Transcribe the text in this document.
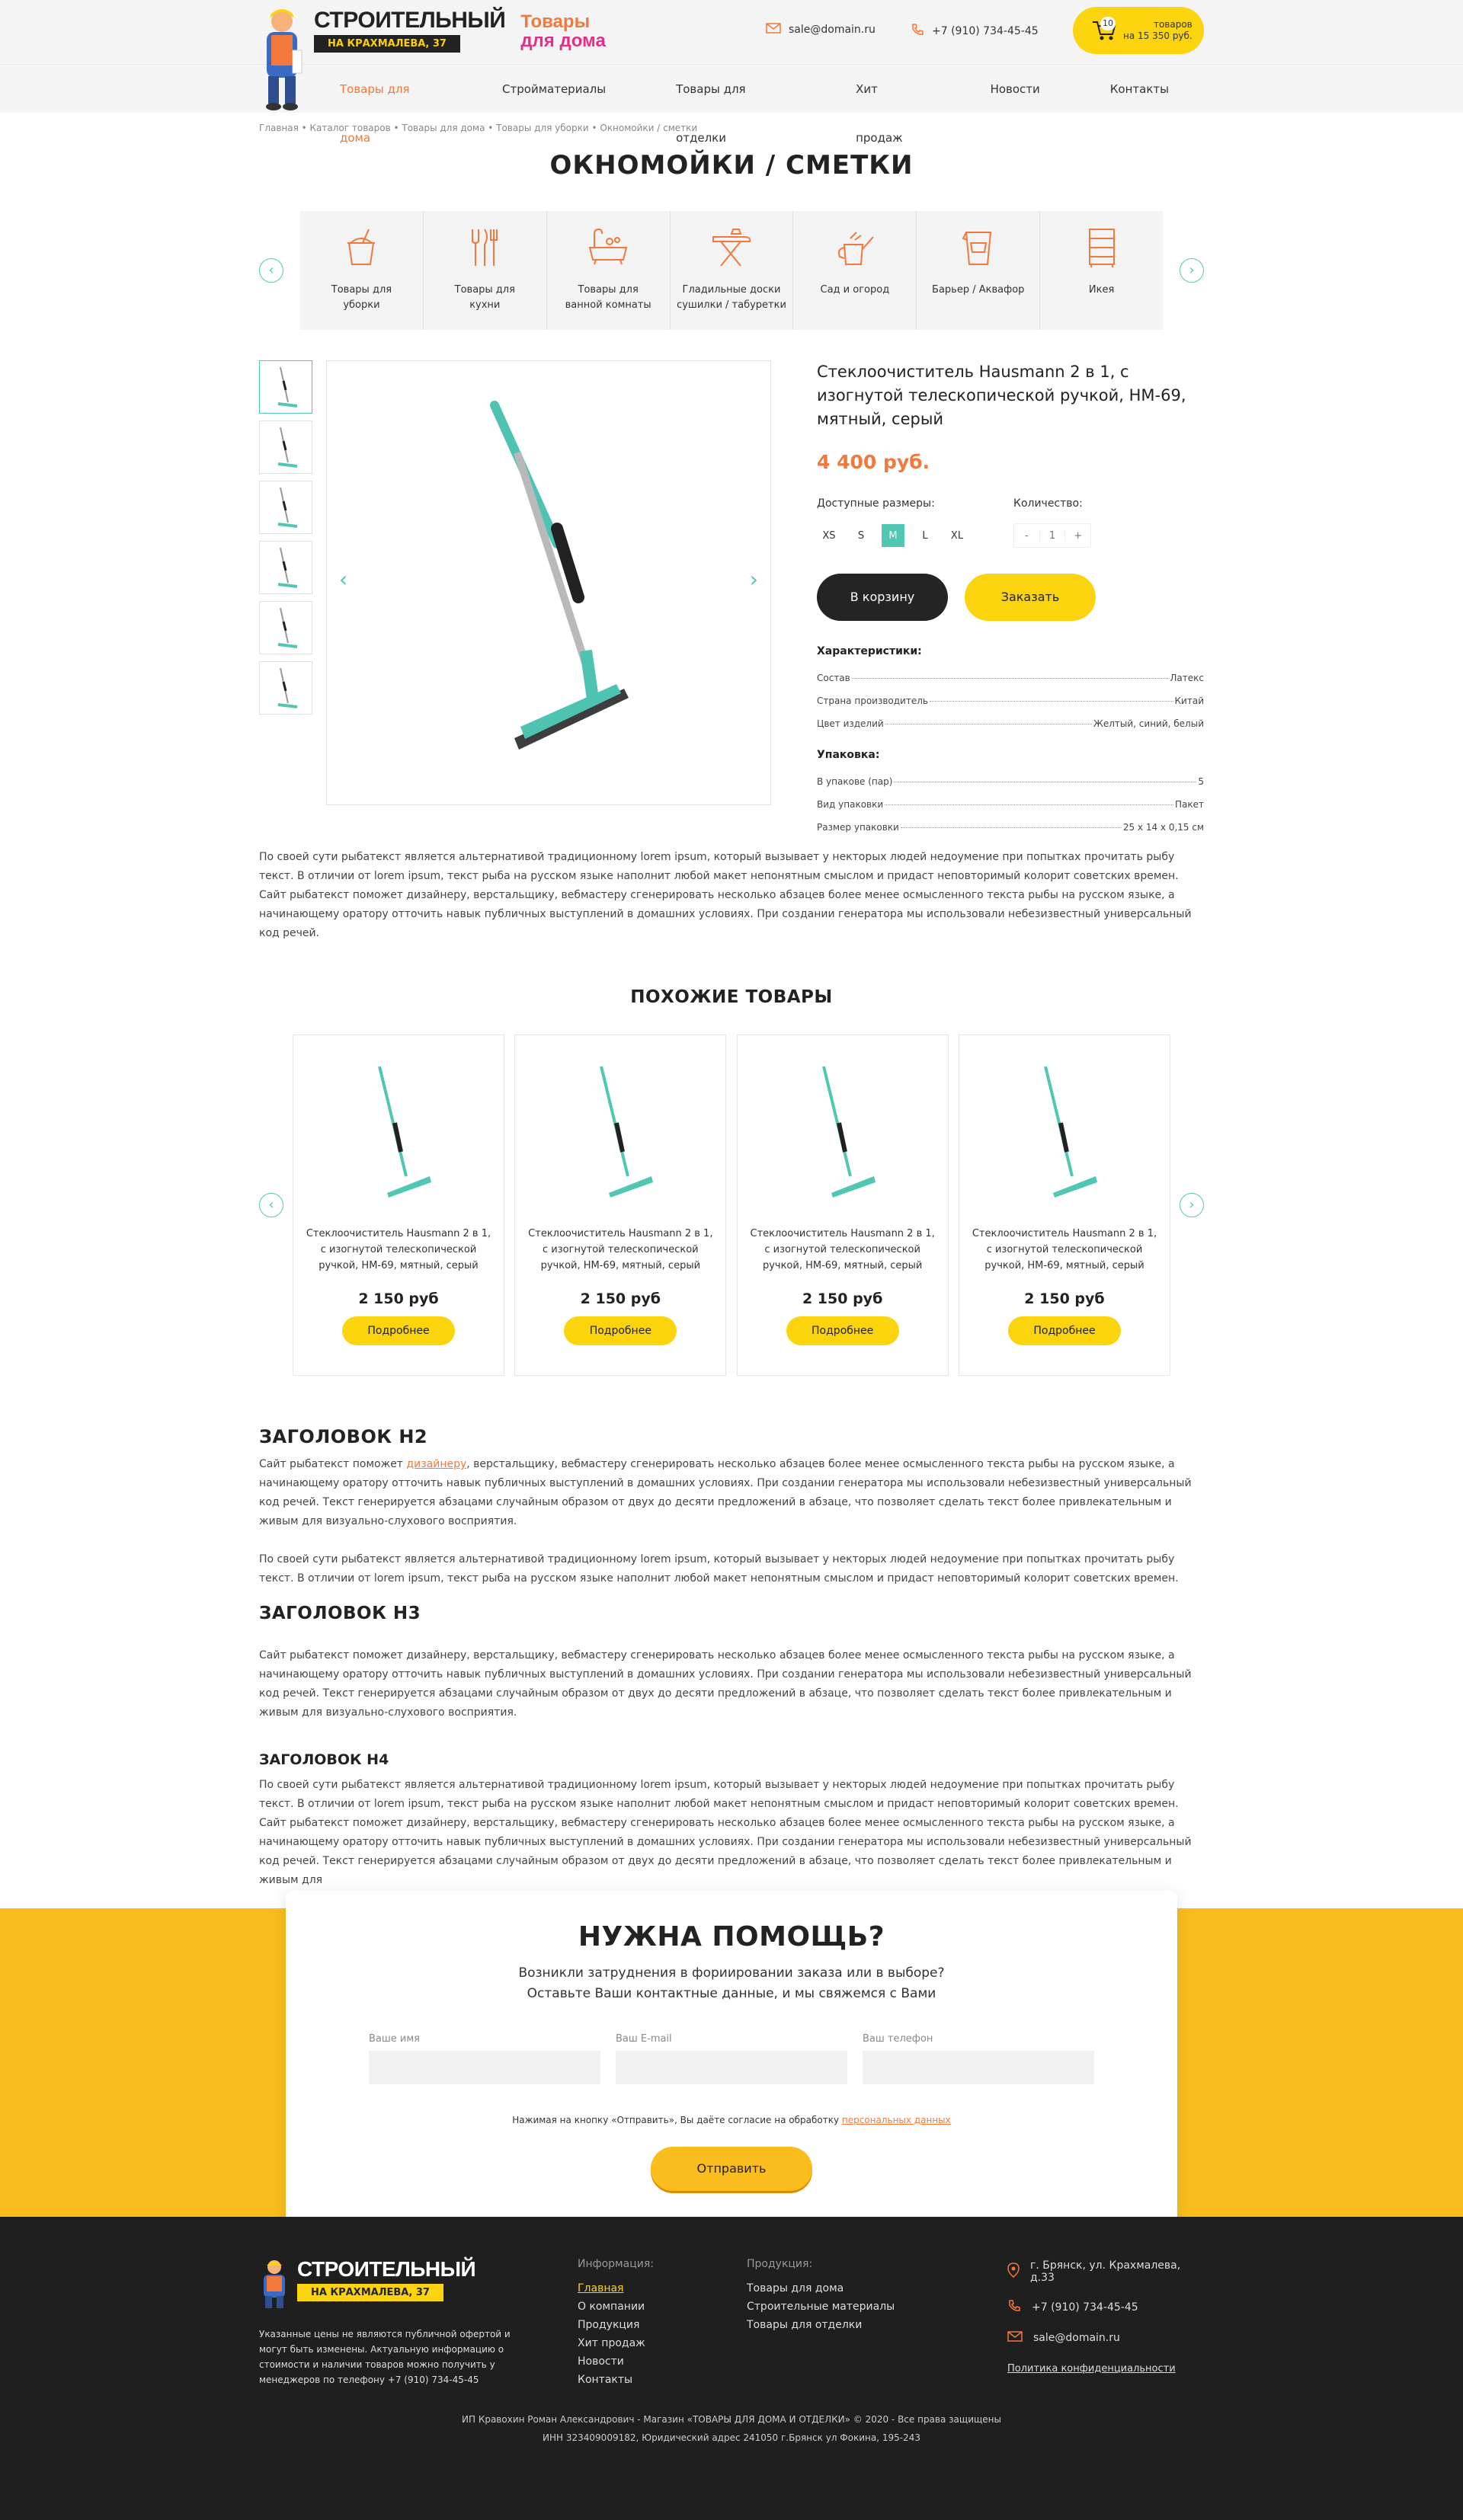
СТРОИТЕЛЬНЫЙ
НА КРАХМАЛЕВА, 37
Товары
для дома
sale@domain.ru	+7 (910) 734-45-45
10	товаров
на 15 350 руб.
Товары для дома
Стройматериалы	Товары для отделки
Хит продаж
Новости	Контакты
Главная • Каталог товаров • Товары для дома • Товары для уборки • Окномойки / сметки
ОКНОМОЙКИ / СМЕТКИ
‹
Товары для
уборки
Товары для
кухни
Товары для
ванной комнаты
Гладильные доски
сушилки / табуретки
Сад и огород	Барьер / Аквафор	Икея
›
‹	›
Стеклоочиститель Hausmann 2 в 1, с изогнутой телескопической ручкой, HM-69, мятный, серый
4 400 руб.
Доступные размеры:
XS	S	M	L	XL
Количество:
-	1	+
В корзину	Заказать
Характеристики:
Состав	Латекс
Страна производитель	Китай
Цвет изделий	Желтый, синий, белый
Упаковка:
В упакове (пар)	5
Вид упаковки	Пакет
Размер упаковки	25 х 14 х 0,15 см

По своей сути рыбатекст является альтернативой традиционному lorem ipsum, который вызывает у некторых людей недоумение при попытках прочитать рыбу текст. В отличии от lorem ipsum, текст рыба на русском языке наполнит любой макет непонятным смыслом и придаст неповторимый колорит советских времен. Сайт рыбатекст поможет дизайнеру, верстальщику, вебмастеру сгенерировать несколько абзацев более менее осмысленного текста рыбы на русском языке, а начинающему оратору отточить навык публичных выступлений в домашних условиях. При создании генератора мы использовали небезизвестный универсальный код речей.

ПОХОЖИЕ ТОВАРЫ
‹
Стеклоочиститель Hausmann 2 в 1,
с изогнутой телескопической
ручкой, HM-69, мятный, серый
2 150 руб
Подробнее
Стеклоочиститель Hausmann 2 в 1,
с изогнутой телескопической
ручкой, HM-69, мятный, серый
2 150 руб
Подробнее
Стеклоочиститель Hausmann 2 в 1,
с изогнутой телескопической
ручкой, HM-69, мятный, серый
2 150 руб
Подробнее
Стеклоочиститель Hausmann 2 в 1,
с изогнутой телескопической
ручкой, HM-69, мятный, серый
2 150 руб
Подробнее
›
ЗАГОЛОВОК H2

Сайт рыбатекст поможет дизайнеру, верстальщику, вебмастеру сгенерировать несколько абзацев более менее осмысленного текста рыбы на русском языке, а начинающему оратору отточить навык публичных выступлений в домашних условиях. При создании генератора мы использовали небезизвестный универсальный код речей. Текст генерируется абзацами случайным образом от двух до десяти предложений в абзаце, что позволяет сделать текст более привлекательным и живым для визуально-слухового восприятия.

По своей сути рыбатекст является альтернативой традиционному lorem ipsum, который вызывает у некторых людей недоумение при попытках прочитать рыбу текст. В отличии от lorem ipsum, текст рыба на русском языке наполнит любой макет непонятным смыслом и придаст неповторимый колорит советских времен.

ЗАГОЛОВОК H3

Сайт рыбатекст поможет дизайнеру, верстальщику, вебмастеру сгенерировать несколько абзацев более менее осмысленного текста рыбы на русском языке, а начинающему оратору отточить навык публичных выступлений в домашних условиях. При создании генератора мы использовали небезизвестный универсальный код речей. Текст генерируется абзацами случайным образом от двух до десяти предложений в абзаце, что позволяет сделать текст более привлекательным и живым для визуально-слухового восприятия.

ЗАГОЛОВОК H4

По своей сути рыбатекст является альтернативой традиционному lorem ipsum, который вызывает у некторых людей недоумение при попытках прочитать рыбу текст. В отличии от lorem ipsum, текст рыба на русском языке наполнит любой макет непонятным смыслом и придаст неповторимый колорит советских времен. Сайт рыбатекст поможет дизайнеру, верстальщику, вебмастеру сгенерировать несколько абзацев более менее осмысленного текста рыбы на русском языке, а начинающему оратору отточить навык публичных выступлений в домашних условиях. При создании генератора мы использовали небезизвестный универсальный код речей. Текст генерируется абзацами случайным образом от двух до десяти предложений в абзаце, что позволяет сделать текст более привлекательным и живым для

НУЖНА ПОМОЩЬ?

Возникли затруднения в фориировании заказа или в выборе?
Оставьте Ваши контактные данные, и мы свяжемся с Вами

Ваше имя	Ваш E-mail	Ваш телефон
Нажимая на кнопку «Отправить», Вы даёте согласие на обработку персональных данных
Отправить
СТРОИТЕЛЬНЫЙ
НА КРАХМАЛЕВА, 37
Указанные цены не являются публичной офертой и могут быть изменены. Актуальную информацию о стоимости и наличии товаров можно получить у менеджеров по телефону +7 (910) 734-45-45
Информация:
Главная
О компании
Продукция
Хит продаж
Новости
Контакты
Продукция:
Товары для дома
Строительные материалы
Товары для отделки
г. Брянск, ул. Крахмалева, д.33
+7 (910) 734-45-45
sale@domain.ru
Политика конфиденциальности
ИП Кравохин Роман Александрович - Магазин «ТОВАРЫ ДЛЯ ДОМА И ОТДЕЛКИ» © 2020 - Все права защищены
ИНН 323409009182, Юридический адрес 241050 г.Брянск ул Фокина, 195-243
